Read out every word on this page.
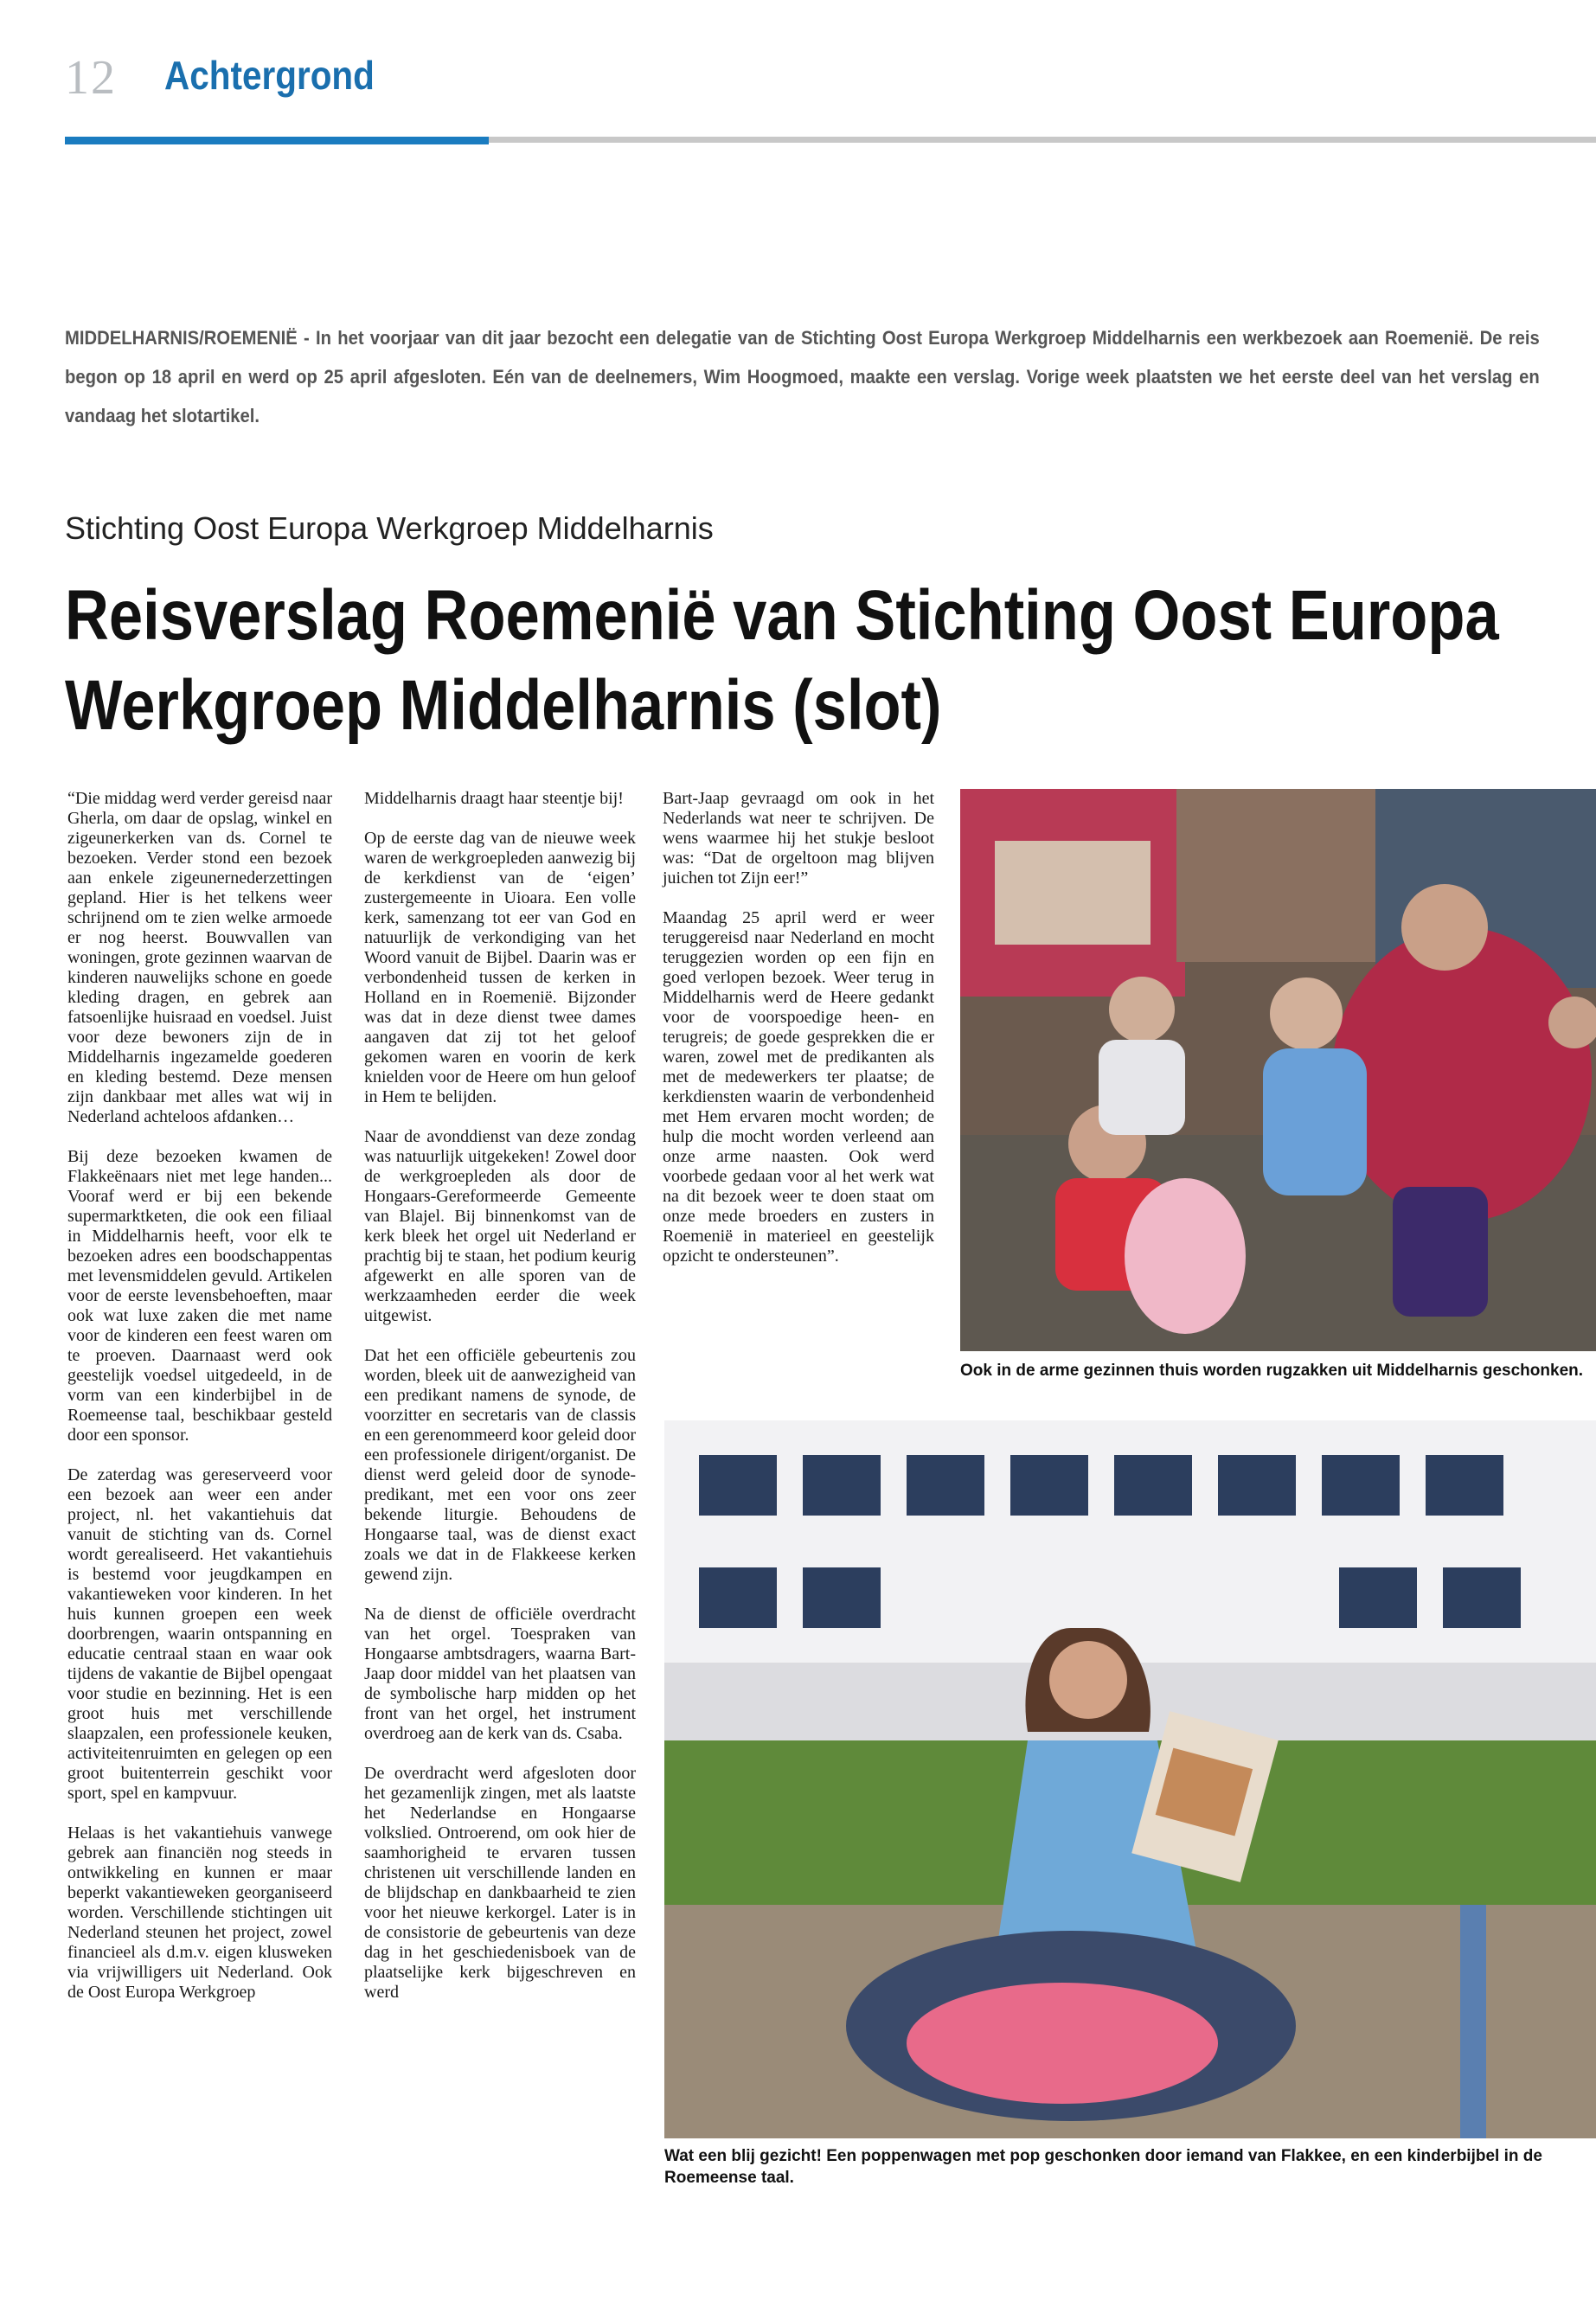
12 Achtergrond

MIDDELHARNIS/ROEMENIË - In het voorjaar van dit jaar bezocht een delegatie van de Stichting Oost Europa Werkgroep Middelharnis een werkbezoek aan Roemenië. De reis begon op 18 april en werd op 25 april afgesloten. Eén van de deelnemers, Wim Hoogmoed, maakte een verslag. Vorige week plaatsten we het eerste deel van het verslag en vandaag het slotartikel.

Stichting Oost Europa Werkgroep Middelharnis
Reisverslag Roemenië van Stichting Oost Europa Werkgroep Middelharnis (slot)

“Die middag werd verder gereisd naar Gherla, om daar de opslag, winkel en zigeunerkerken van ds. Cornel te bezoeken. Verder stond een bezoek aan enkele zigeunernederzettingen gepland. Hier is het telkens weer schrijnend om te zien welke armoede er nog heerst. Bouwvallen van woningen, grote gezinnen waarvan de kinderen nauwelijks schone en goede kleding dragen, en gebrek aan fatsoenlijke huisraad en voedsel. Juist voor deze bewoners zijn de in Middelharnis ingezamelde goederen en kleding bestemd. Deze mensen zijn dankbaar met alles wat wij in Nederland achteloos afdanken…

Bij deze bezoeken kwamen de Flakkeënaars niet met lege handen... Vooraf werd er bij een bekende supermarktketen, die ook een filiaal in Middelharnis heeft, voor elk te bezoeken adres een boodschappentas met levensmiddelen gevuld. Artikelen voor de eerste levensbehoeften, maar ook wat luxe zaken die met name voor de kinderen een feest waren om te proeven. Daarnaast werd ook geestelijk voedsel uitgedeeld, in de vorm van een kinderbijbel in de Roemeense taal, beschikbaar gesteld door een sponsor.

De zaterdag was gereserveerd voor een bezoek aan weer een ander project, nl. het vakantiehuis dat vanuit de stichting van ds. Cornel wordt gerealiseerd. Het vakantiehuis is bestemd voor jeugdkampen en vakantieweken voor kinderen. In het huis kunnen groepen een week doorbrengen, waarin ontspanning en educatie centraal staan en waar ook tijdens de vakantie de Bijbel opengaat voor studie en bezinning. Het is een groot huis met verschillende slaapzalen, een professionele keuken, activiteitenruimten en gelegen op een groot buitenterrein geschikt voor sport, spel en kampvuur.

Helaas is het vakantiehuis vanwege gebrek aan financiën nog steeds in ontwikkeling en kunnen er maar beperkt vakantieweken georganiseerd worden. Verschillende stichtingen uit Nederland steunen het project, zowel financieel als d.m.v. eigen klusweken via vrijwilligers uit Nederland. Ook de Oost Europa Werkgroep

Middelharnis draagt haar steentje bij!

Op de eerste dag van de nieuwe week waren de werkgroepleden aanwezig bij de kerkdienst van de ‘eigen’ zustergemeente in Uioara. Een volle kerk, samenzang tot eer van God en natuurlijk de verkondiging van het Woord vanuit de Bijbel. Daarin was er verbondenheid tussen de kerken in Holland en in Roemenië. Bijzonder was dat in deze dienst twee dames aangaven dat zij tot het geloof gekomen waren en voorin de kerk knielden voor de Heere om hun geloof in Hem te belijden.

Naar de avonddienst van deze zondag was natuurlijk uitgekeken! Zowel door de werkgroepleden als door de Hongaars-Gereformeerde Gemeente van Blajel. Bij binnenkomst van de kerk bleek het orgel uit Nederland er prachtig bij te staan, het podium keurig afgewerkt en alle sporen van de werkzaamheden eerder die week uitgewist.

Dat het een officiële gebeurtenis zou worden, bleek uit de aanwezigheid van een predikant namens de synode, de voorzitter en secretaris van de classis en een gerenommeerd koor geleid door een professionele dirigent/organist. De dienst werd geleid door de synode-predikant, met een voor ons zeer bekende liturgie. Behoudens de Hongaarse taal, was de dienst exact zoals we dat in de Flakkeese kerken gewend zijn.

Na de dienst de officiële overdracht van het orgel. Toespraken van Hongaarse ambtsdragers, waarna Bart-Jaap door middel van het plaatsen van de symbolische harp midden op het front van het orgel, het instrument overdroeg aan de kerk van ds. Csaba.

De overdracht werd afgesloten door het gezamenlijk zingen, met als laatste het Nederlandse en Hongaarse volkslied. Ontroerend, om ook hier de saamhorigheid te ervaren tussen christenen uit verschillende landen en de blijdschap en dankbaarheid te zien voor het nieuwe kerkorgel. Later is in de consistorie de gebeurtenis van deze dag in het geschiedenisboek van de plaatselijke kerk bijgeschreven en werd

Bart-Jaap gevraagd om ook in het Nederlands wat neer te schrijven. De wens waarmee hij het stukje besloot was: “Dat de orgeltoon mag blijven juichen tot Zijn eer!”

Maandag 25 april werd er weer teruggereisd naar Nederland en mocht teruggezien worden op een fijn en goed verlopen bezoek. Weer terug in Middelharnis werd de Heere gedankt voor de voorspoedige heen- en terugreis; de goede gesprekken die er waren, zowel met de predikanten als met de medewerkers ter plaatse; de kerkdiensten waarin de verbondenheid met Hem ervaren mocht worden; de hulp die mocht worden verleend aan onze arme naasten. Ook werd voorbede gedaan voor al het werk wat na dit bezoek weer te doen staat om onze mede broeders en zusters in Roemenië in materieel en geestelijk opzicht te ondersteunen”.

Ook in de arme gezinnen thuis worden rugzakken uit Middelharnis geschonken.
Wat een blij gezicht! Een poppenwagen met pop geschonken door iemand van Flakkee, en een kinderbijbel in de Roemeense taal.
